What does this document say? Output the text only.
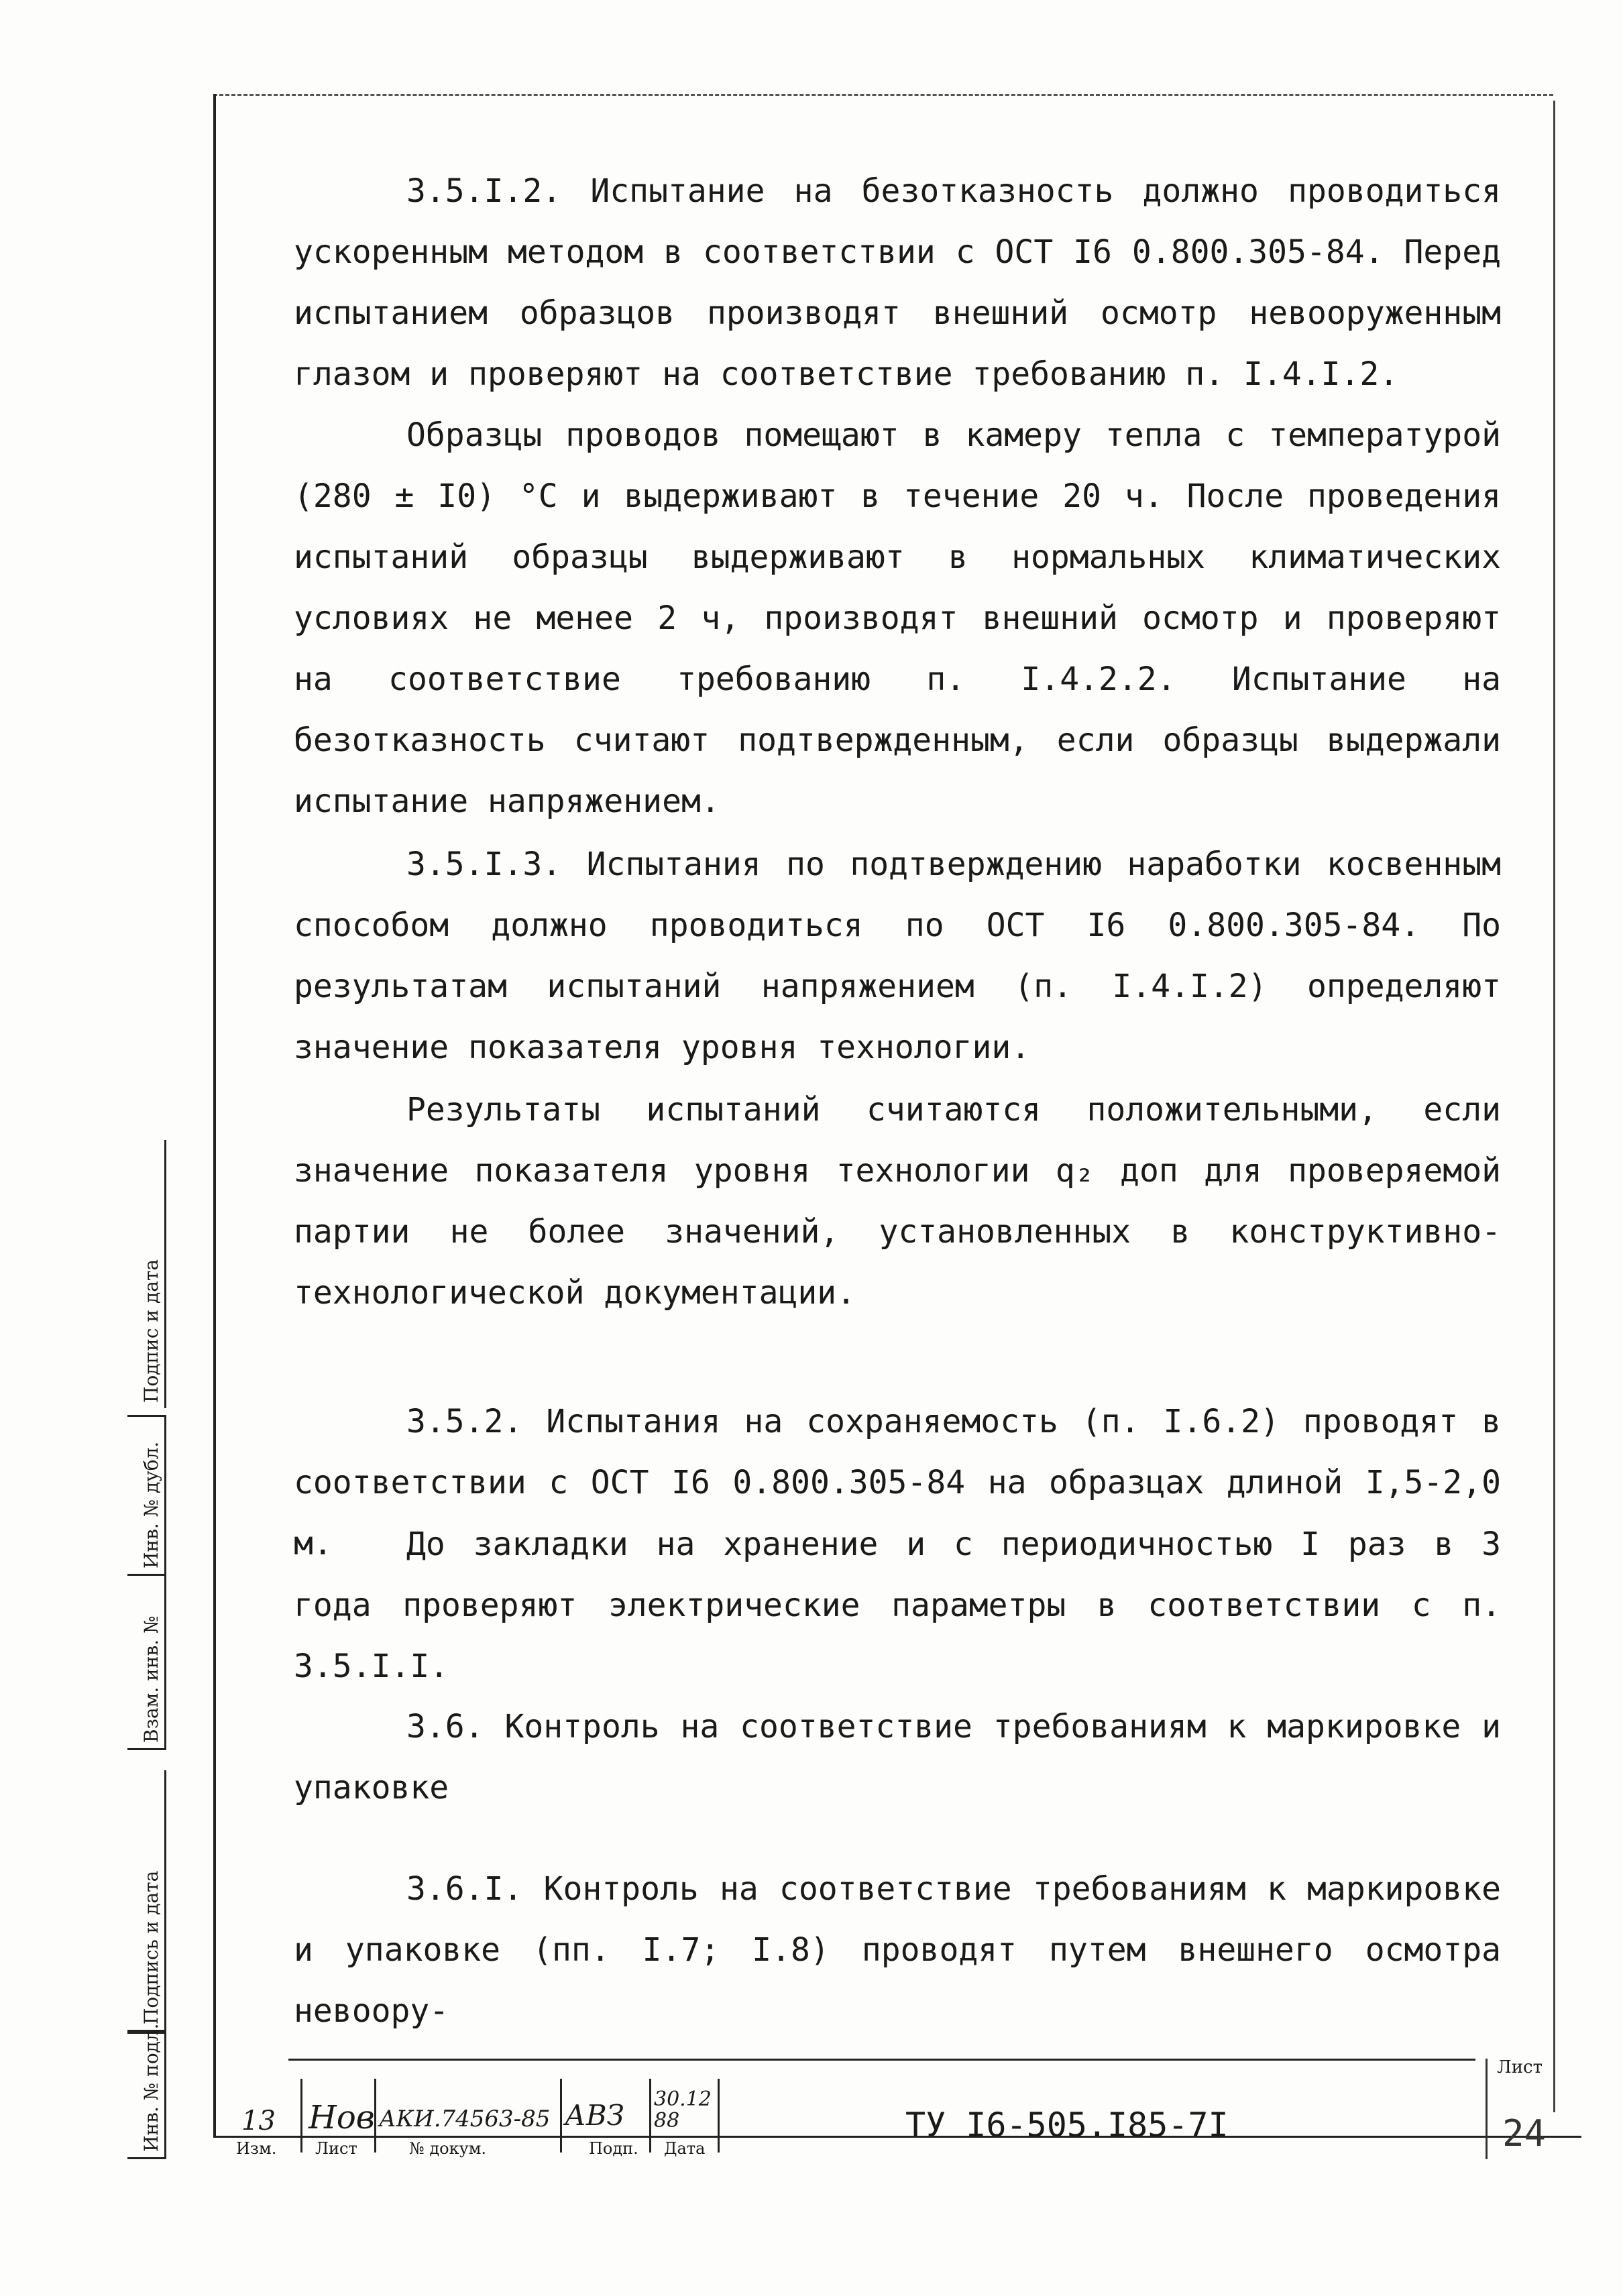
3.5.I.2. Испытание на безотказность должно проводиться ускоренным методом в соответствии с ОСТ I6 0.800.305-84. Перед испытанием образцов производят внешний осмотр невооруженным глазом и проверяют на соответствие требованию п. I.4.I.2.

Образцы проводов помещают в камеру тепла с температурой (280 ± I0) °С и выдерживают в течение 20 ч. После проведения испытаний образцы выдерживают в нормальных климатических условиях не менее 2 ч, производят внешний осмотр и проверяют на соответствие требованию п. I.4.2.2. Испытание на безотказность считают подтвержденным, если образцы выдержали испытание напряжением.

3.5.I.3. Испытания по подтверждению наработки косвенным способом должно проводиться по ОСТ I6 0.800.305-84. По результатам испытаний напряжением (п. I.4.I.2) определяют значение показателя уровня технологии.

Результаты испытаний считаются положительными, если значение показателя уровня технологии q₂ доп для проверяемой партии не более значений, установленных в конструктивно-технологической документации.

3.5.2. Испытания на сохраняемость (п. I.6.2) проводят в соответствии с ОСТ I6 0.800.305-84 на образцах длиной I,5-2,0 м.	До закладки на хранение и с периодичностью I раз в 3 года проверяют электрические параметры в соответствии с п. 3.5.I.I.

3.6. Контроль на соответствие требованиям к маркировке и упаковке

3.6.I. Контроль на соответствие требованиям к маркировке и упаковке (пп. I.7; I.8) проводят путем внешнего осмотра невоору-

Подпис и дата
Инв. № дубл.
Взам. инв. №
Подпись и дата
Инв. № подл.	13 Нов АКИ.74563-85 АВЗ 30.12 88
Изм. Лист	№ докум.	Подп. Дата
ТУ I6-505.I85-7I
Лист
24
